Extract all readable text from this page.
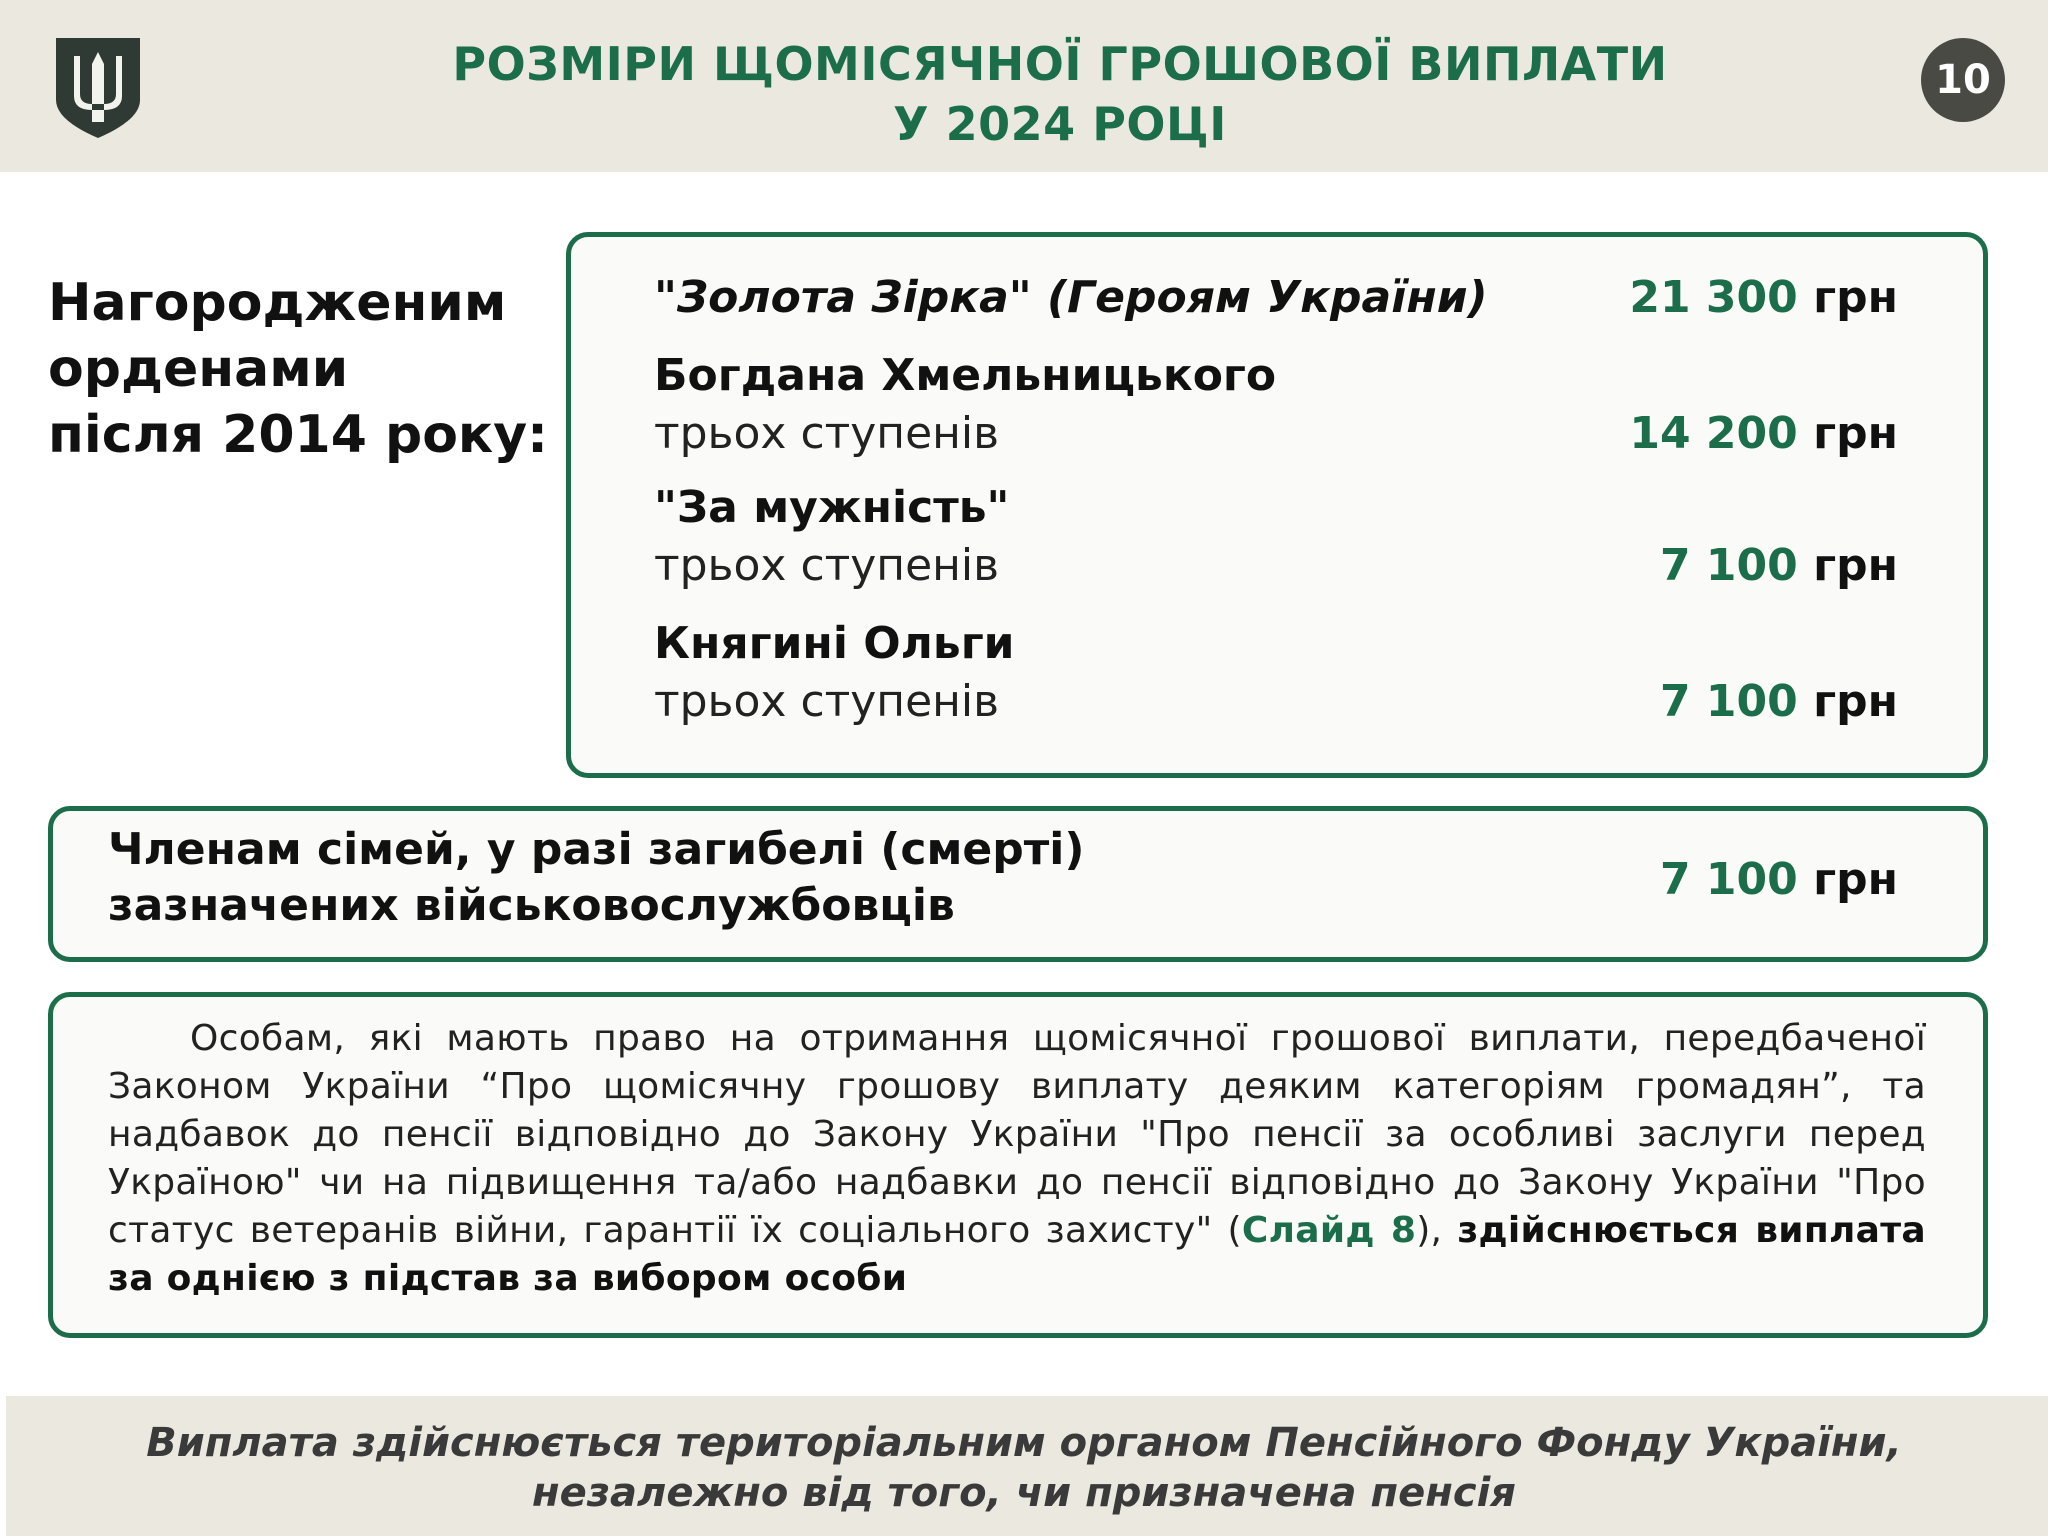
РОЗМІРИ ЩОМІСЯЧНОЇ ГРОШОВОЇ ВИПЛАТИ
У 2024 РОЦІ
10
Нагородженим
орденами
після 2014 року:
"Золота Зірка" (Героям України)	21 300 грн
Богдана Хмельницького
трьох ступенів	14 200 грн
"За мужність"
трьох ступенів	7 100 грн
Княгині Ольги
трьох ступенів	7 100 грн
Членам сімей, у разі загибелі (смерті)
зазначених військовослужбовців
7 100 грн
Особам, які мають право на отримання щомісячної грошової виплати, передбаченої Законом України “Про щомісячну грошову виплату деяким категоріям громадян”, та надбавок до пенсії відповідно до Закону України "Про пенсії за особливі заслуги перед Україною" чи на підвищення та/або надбавки до пенсії відповідно до Закону України "Про статус ветеранів війни, гарантії їх соціального захисту" (Слайд 8), здійснюється виплата за однією з підстав за вибором особи
Виплата здійснюється територіальним органом Пенсійного Фонду України,
незалежно від того, чи призначена пенсія
